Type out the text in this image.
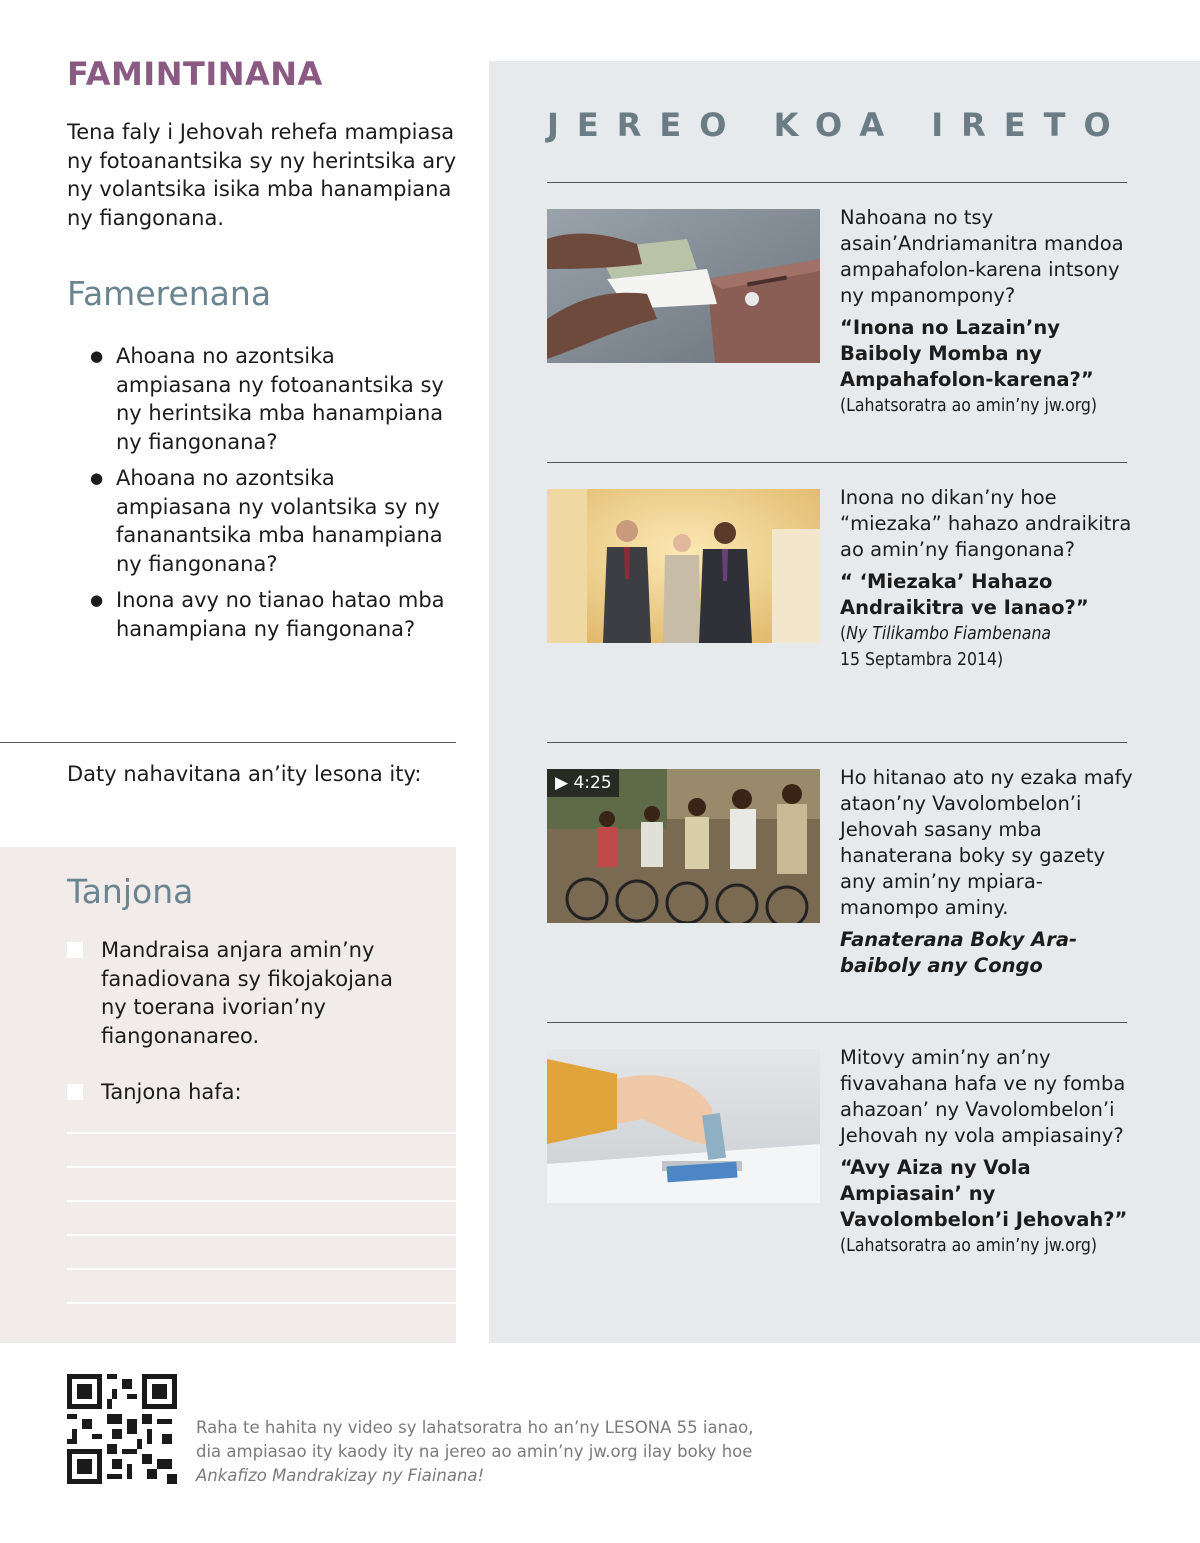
FAMINTINANA
Tena faly i Jehovah rehefa mampiasa ny fotoanantsika sy ny herintsika ary ny volantsika isika mba hanampiana ny fiangonana.
Famerenana
● Ahoana no azontsika ampiasana ny fotoanantsika sy ny herintsika mba hanampiana ny fiangonana?
● Ahoana no azontsika ampiasana ny volantsika sy ny fananantsika mba hanampiana ny fiangonana?
● Inona avy no tianao hatao mba hanampiana ny fiangonana?
Daty nahavitana an’ity lesona ity:
Tanjona
Mandraisa anjara amin’ny fanadiovana sy fikojakojana ny toerana ivorian’ny fiangonanareo.
Tanjona hafa:
JEREO KOA IRETO
Nahoana no tsy asain’Andriamanitra mandoa ampahafolon-karena intsony ny mpanompony?
“Inona no Lazain’ny Baiboly Momba ny Ampahafolon-karena?”
(Lahatsoratra ao amin’ny jw.org)
Inona no dikan’ny hoe “miezaka” hahazo andraikitra ao amin’ny fiangonana?
“ ‘Miezaka’ Hahazo Andraikitra ve Ianao?”
(Ny Tilikambo Fiambenana
15 Septambra 2014)
▶ 4:25	Ho hitanao ato ny ezaka mafy ataon’ny Vavolombelon’i Jehovah sasany mba hanaterana boky sy gazety any amin’ny mpiara-manompo aminy.
Fanaterana Boky Ara-baiboly any Congo
Mitovy amin’ny an’ny fivavahana hafa ve ny fomba ahazoan’ ny Vavolombelon’i Jehovah ny vola ampiasainy?
“Avy Aiza ny Vola Ampiasain’ ny Vavolombelon’i Jehovah?”
(Lahatsoratra ao amin’ny jw.org)
Raha te hahita ny video sy lahatsoratra ho an’ny LESONA 55 ianao, dia ampiasao ity kaody ity na jereo ao amin’ny jw.org ilay boky hoe Ankafizo Mandrakizay ny Fiainana!
